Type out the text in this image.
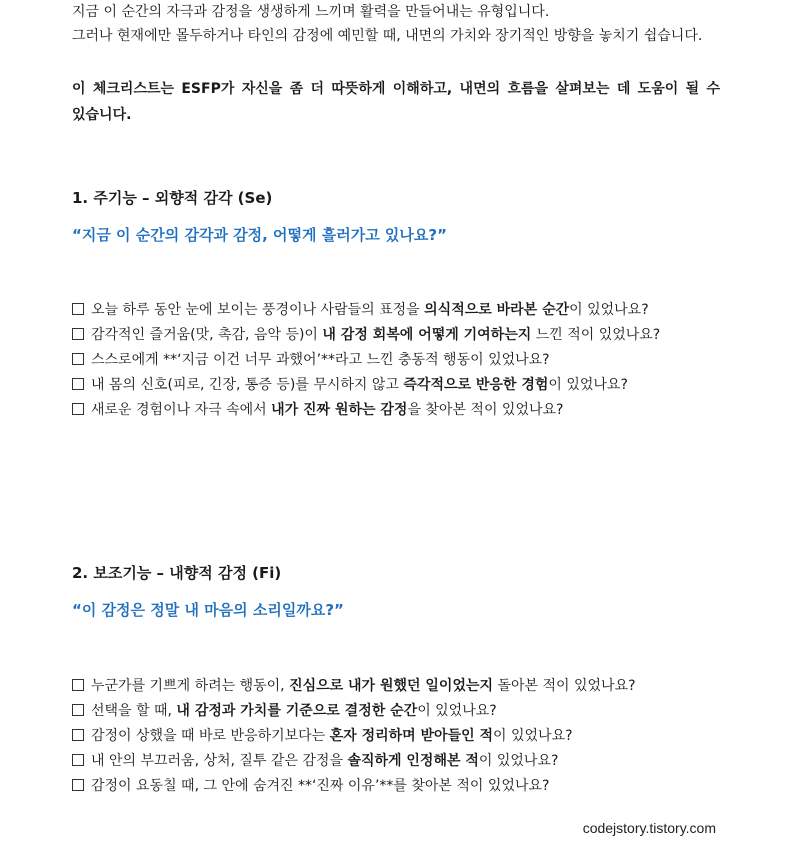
지금 이 순간의 자극과 감정을 생생하게 느끼며 활력을 만들어내는 유형입니다.

그러나 현재에만 몰두하거나 타인의 감정에 예민할 때, 내면의 가치와 장기적인 방향을 놓치기 쉽습니다.

이 체크리스트는 ESFP가 자신을 좀 더 따뜻하게 이해하고, 내면의 흐름을 살펴보는 데 도움이 될 수 있습니다.

1. 주기능 – 외향적 감각 (Se)

“지금 이 순간의 감각과 감정, 어떻게 흘러가고 있나요?”

오늘 하루 동안 눈에 보이는 풍경이나 사람들의 표정을 의식적으로 바라본 순간이 있었나요?

감각적인 즐거움(맛, 촉감, 음악 등)이 내 감정 회복에 어떻게 기여하는지 느낀 적이 있었나요?

스스로에게 **‘지금 이건 너무 과했어’**라고 느낀 충동적 행동이 있었나요?

내 몸의 신호(피로, 긴장, 통증 등)를 무시하지 않고 즉각적으로 반응한 경험이 있었나요?

새로운 경험이나 자극 속에서 내가 진짜 원하는 감정을 찾아본 적이 있었나요?

2. 보조기능 – 내향적 감정 (Fi)

“이 감정은 정말 내 마음의 소리일까요?”

누군가를 기쁘게 하려는 행동이, 진심으로 내가 원했던 일이었는지 돌아본 적이 있었나요?

선택을 할 때, 내 감정과 가치를 기준으로 결정한 순간이 있었나요?

감정이 상했을 때 바로 반응하기보다는 혼자 정리하며 받아들인 적이 있었나요?

내 안의 부끄러움, 상처, 질투 같은 감정을 솔직하게 인정해본 적이 있었나요?

감정이 요동칠 때, 그 안에 숨겨진 **‘진짜 이유’**를 찾아본 적이 있었나요?

codejstory.tistory.com
